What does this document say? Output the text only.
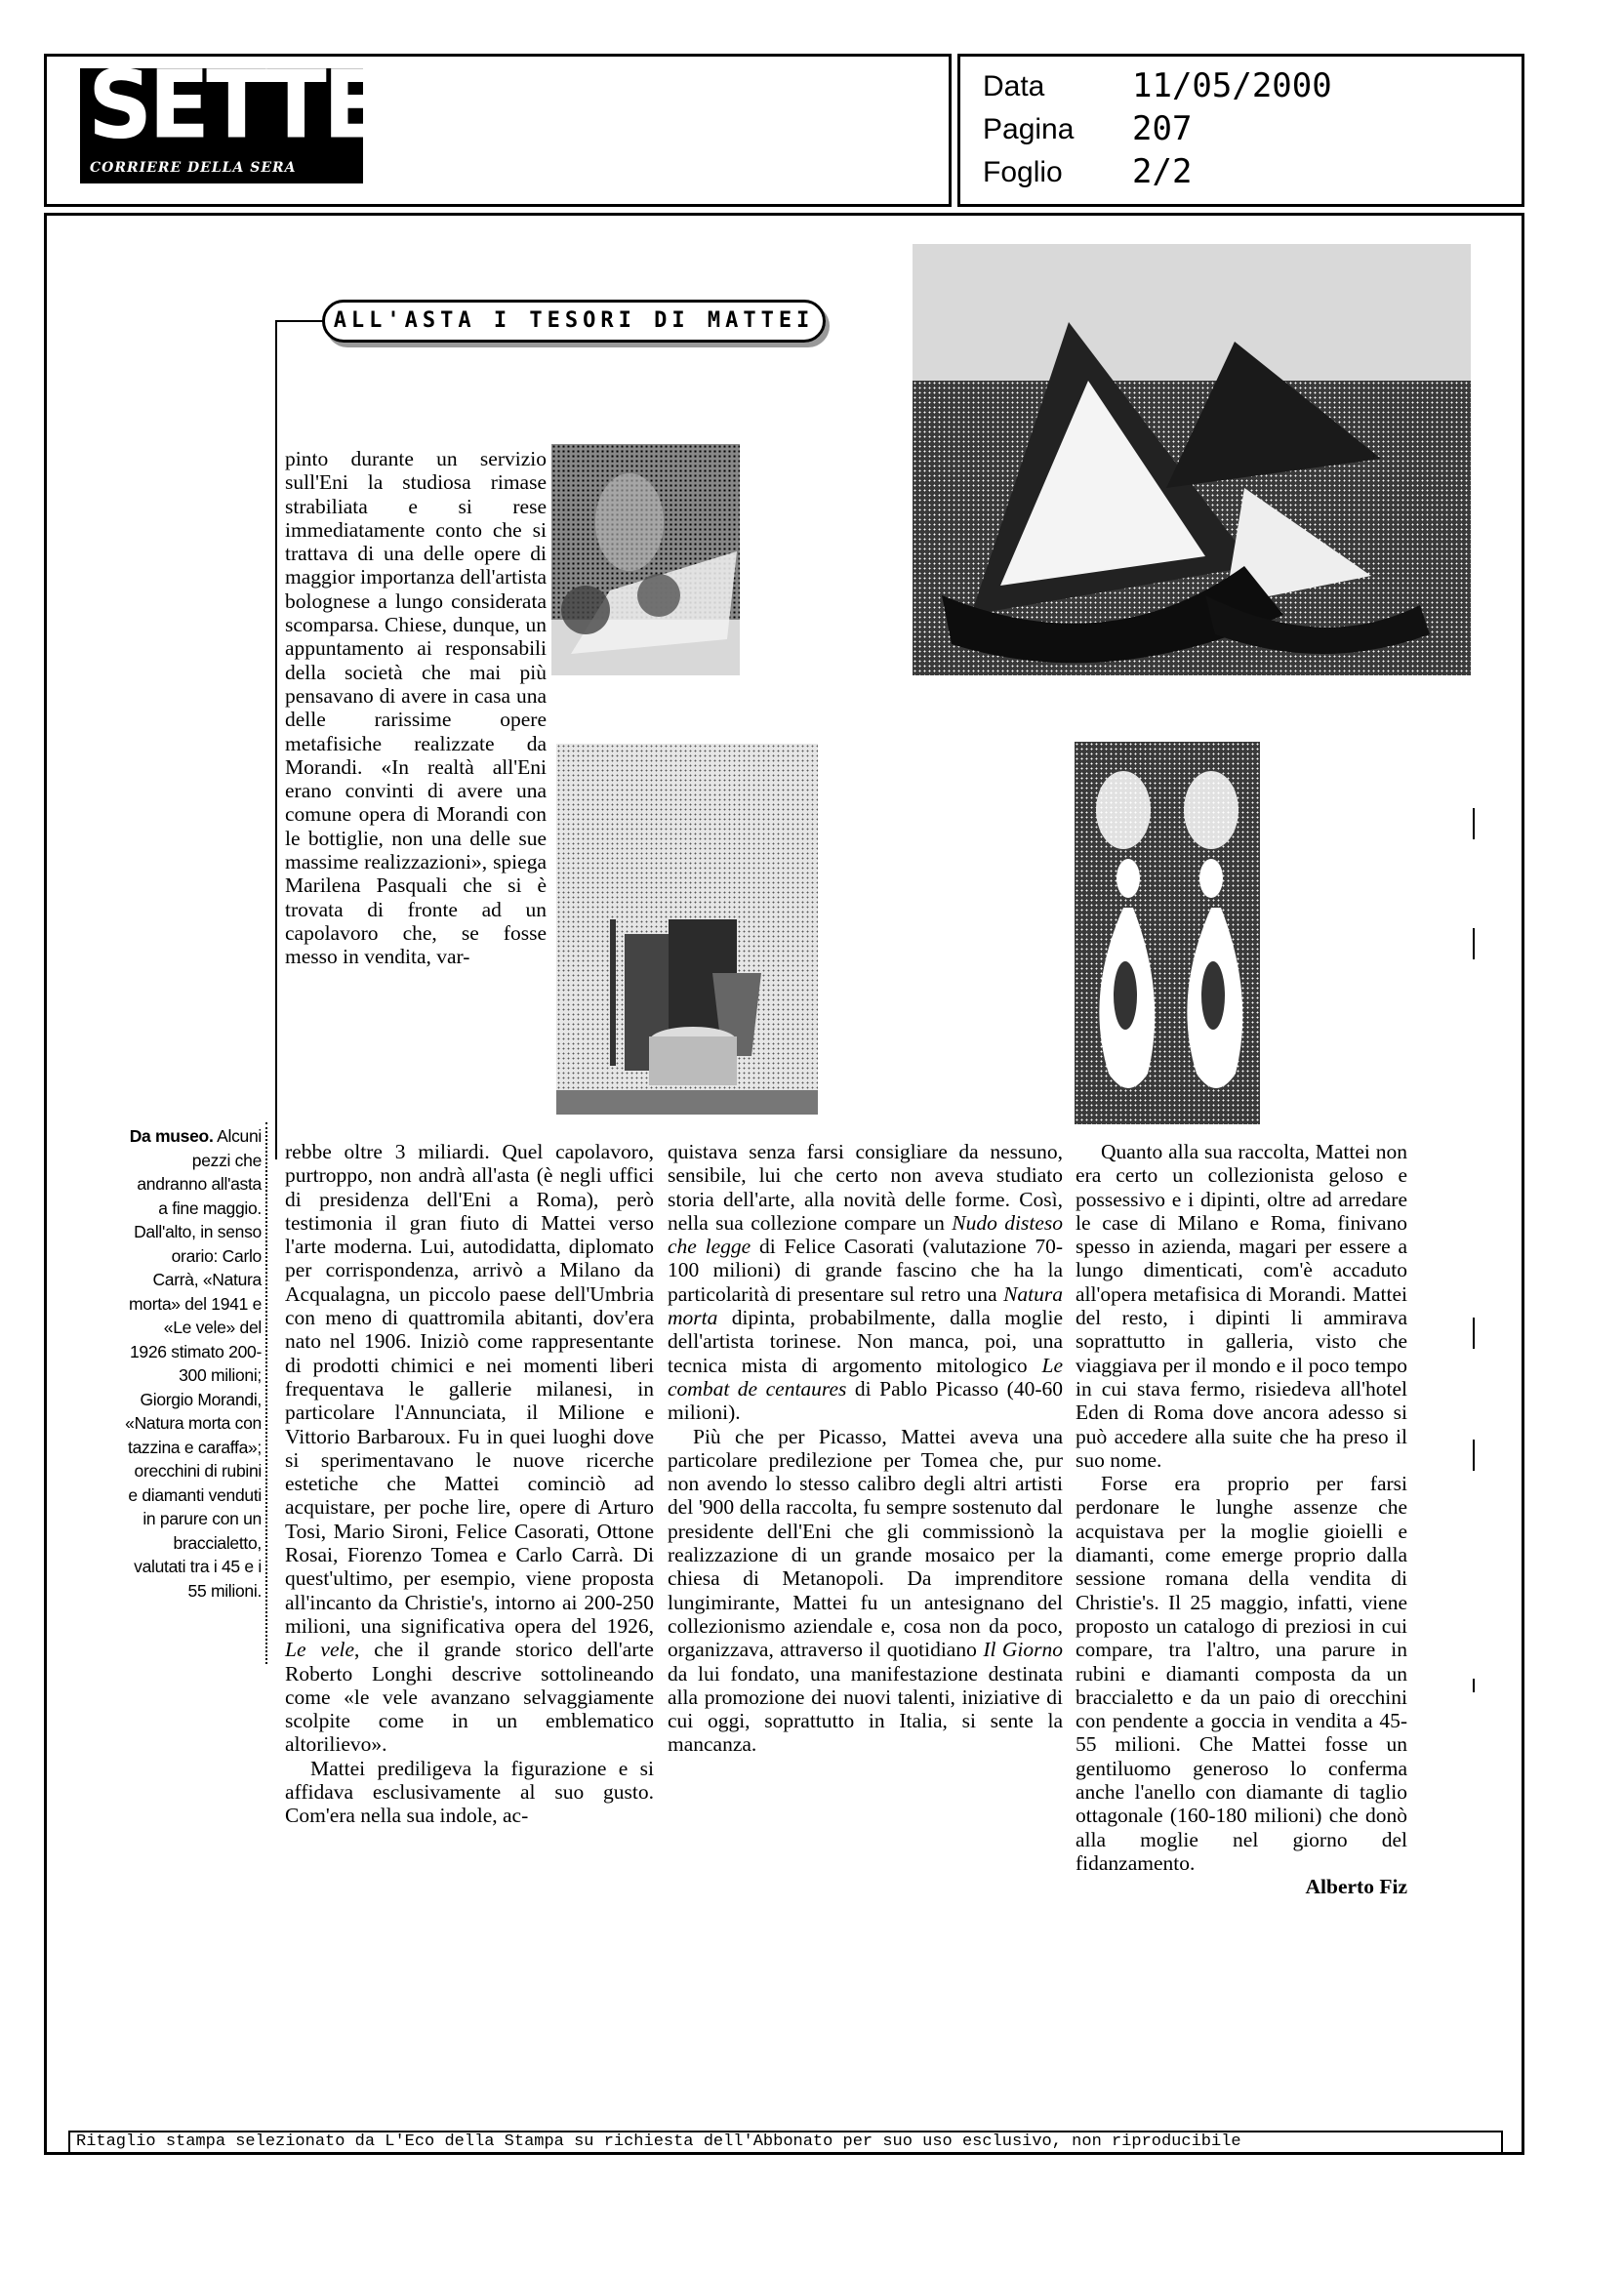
SETTE
CORRIERE DELLA SERA
Data	11/05/2000
Pagina 207
Foglio 2/2
ALL'ASTA I TESORI DI MATTEI
Da museo. Alcuni pezzi che andranno all'asta a fine maggio. Dall'alto, in senso orario: Carlo Carrà, «Natura morta» del 1941 e «Le vele» del 1926 stimato 200-300 milioni; Giorgio Morandi, «Natura morta con tazzina e caraffa»; orecchini di rubini e diamanti venduti in parure con un braccialetto, valutati tra i 45 e i 55 milioni.

pinto durante un servizio sull'Eni la studiosa rimase strabiliata e si rese immediatamente conto che si trattava di una delle opere di maggior importanza dell'artista bolognese a lungo considerata scomparsa. Chiese, dunque, un appuntamento ai responsabili della società che mai più pensavano di avere in casa una delle rarissime opere metafisiche realizzate da Morandi. «In realtà all'Eni erano convinti di avere una comune opera di Morandi con le bottiglie, non una delle sue massime realizzazioni», spiega Marilena Pasquali che si è trovata di fronte ad un capolavoro che, se fosse messo in vendita, var-

rebbe oltre 3 miliardi. Quel capolavoro, purtroppo, non andrà all'asta (è negli uffici di presidenza dell'Eni a Roma), però testimonia il gran fiuto di Mattei verso l'arte moderna. Lui, autodidatta, diplomato per corrispondenza, arrivò a Milano da Acqualagna, un piccolo paese dell'Umbria con meno di quattromila abitanti, dov'era nato nel 1906. Iniziò come rappresentante di prodotti chimici e nei momenti liberi frequentava le gallerie milanesi, in particolare l'Annunciata, il Milione e Vittorio Barbaroux. Fu in quei luoghi dove si sperimentavano le nuove ricerche estetiche che Mattei cominciò ad acquistare, per poche lire, opere di Arturo Tosi, Mario Sironi, Felice Casorati, Ottone Rosai, Fiorenzo Tomea e Carlo Carrà. Di quest'ultimo, per esempio, viene proposta all'incanto da Christie's, intorno ai 200-250 milioni, una significativa opera del 1926, Le vele, che il grande storico dell'arte Roberto Longhi descrive sottolineando come «le vele avanzano selvaggiamente scolpite come in un emblematico altorilievo».

Mattei prediligeva la figurazione e si affidava esclusivamente al suo gusto. Com'era nella sua indole, ac-

quistava senza farsi consigliare da nessuno, sensibile, lui che certo non aveva studiato storia dell'arte, alla novità delle forme. Così, nella sua collezione compare un Nudo disteso che legge di Felice Casorati (valutazione 70-100 milioni) di grande fascino che ha la particolarità di presentare sul retro una Natura morta dipinta, probabilmente, dalla moglie dell'artista torinese. Non manca, poi, una tecnica mista di argomento mitologico Le combat de centaures di Pablo Picasso (40-60 milioni).

Più che per Picasso, Mattei aveva una particolare predilezione per Tomea che, pur non avendo lo stesso calibro degli altri artisti del '900 della raccolta, fu sempre sostenuto dal presidente dell'Eni che gli commissionò la realizzazione di un grande mosaico per la chiesa di Metanopoli. Da imprenditore lungimirante, Mattei fu un antesignano del collezionismo aziendale e, cosa non da poco, organizzava, attraverso il quotidiano Il Giorno da lui fondato, una manifestazione destinata alla promozione dei nuovi talenti, iniziative di cui oggi, soprattutto in Italia, si sente la mancanza.

Quanto alla sua raccolta, Mattei non era certo un collezionista geloso e possessivo e i dipinti, oltre ad arredare le case di Milano e Roma, finivano spesso in azienda, magari per essere a lungo dimenticati, com'è accaduto all'opera metafisica di Morandi. Mattei del resto, i dipinti li ammirava soprattutto in galleria, visto che viaggiava per il mondo e il poco tempo in cui stava fermo, risiedeva all'hotel Eden di Roma dove ancora adesso si può accedere alla suite che ha preso il suo nome.

Forse era proprio per farsi perdonare le lunghe assenze che acquistava per la moglie gioielli e diamanti, come emerge proprio dalla sessione romana della vendita di Christie's. Il 25 maggio, infatti, viene proposto un catalogo di preziosi in cui compare, tra l'altro, una parure in rubini e diamanti composta da un braccialetto e da un paio di orecchini con pendente a goccia in vendita a 45-55 milioni. Che Mattei fosse un gentiluomo generoso lo conferma anche l'anello con diamante di taglio ottagonale (160-180 milioni) che donò alla moglie nel giorno del fidanzamento.

Alberto Fiz

Ritaglio stampa selezionato da L'Eco della Stampa su richiesta dell'Abbonato per suo uso esclusivo, non riproducibile
